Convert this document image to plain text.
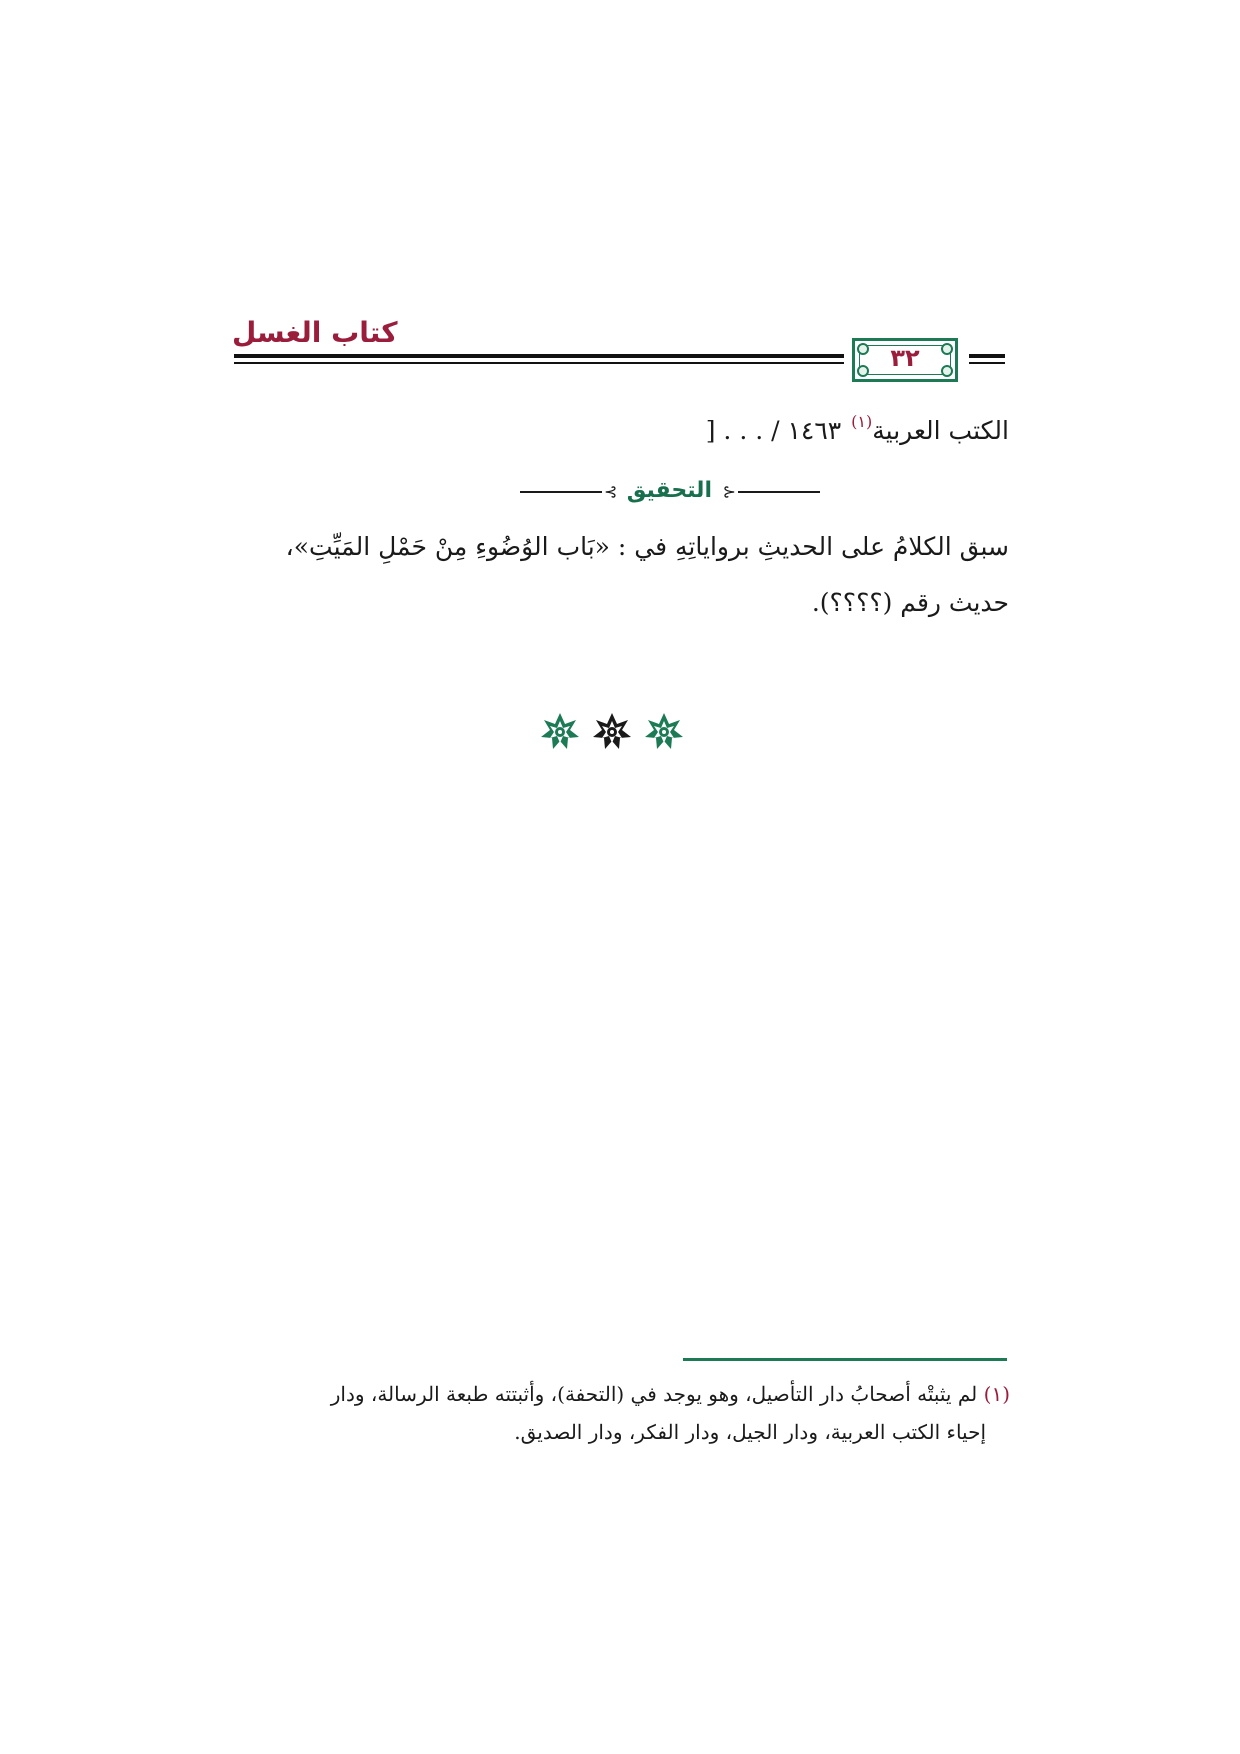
كتاب الغسل
٣٢
الكتب العربية$^{(١)}$ ١٤٦٣ / . . . [
⊰ التحقيق ⊱
سبق الكلامُ على الحديثِ برواياتِهِ في : «بَاب الوُضُوءِ مِنْ حَمْلِ المَيِّتِ»،
حديث رقم (؟؟؟؟).
(١) لم يثبتْه أصحابُ دار التأصيل، وهو يوجد في (التحفة)، وأثبتته طبعة الرسالة، ودار
إحياء الكتب العربية، ودار الجيل، ودار الفكر، ودار الصديق.
